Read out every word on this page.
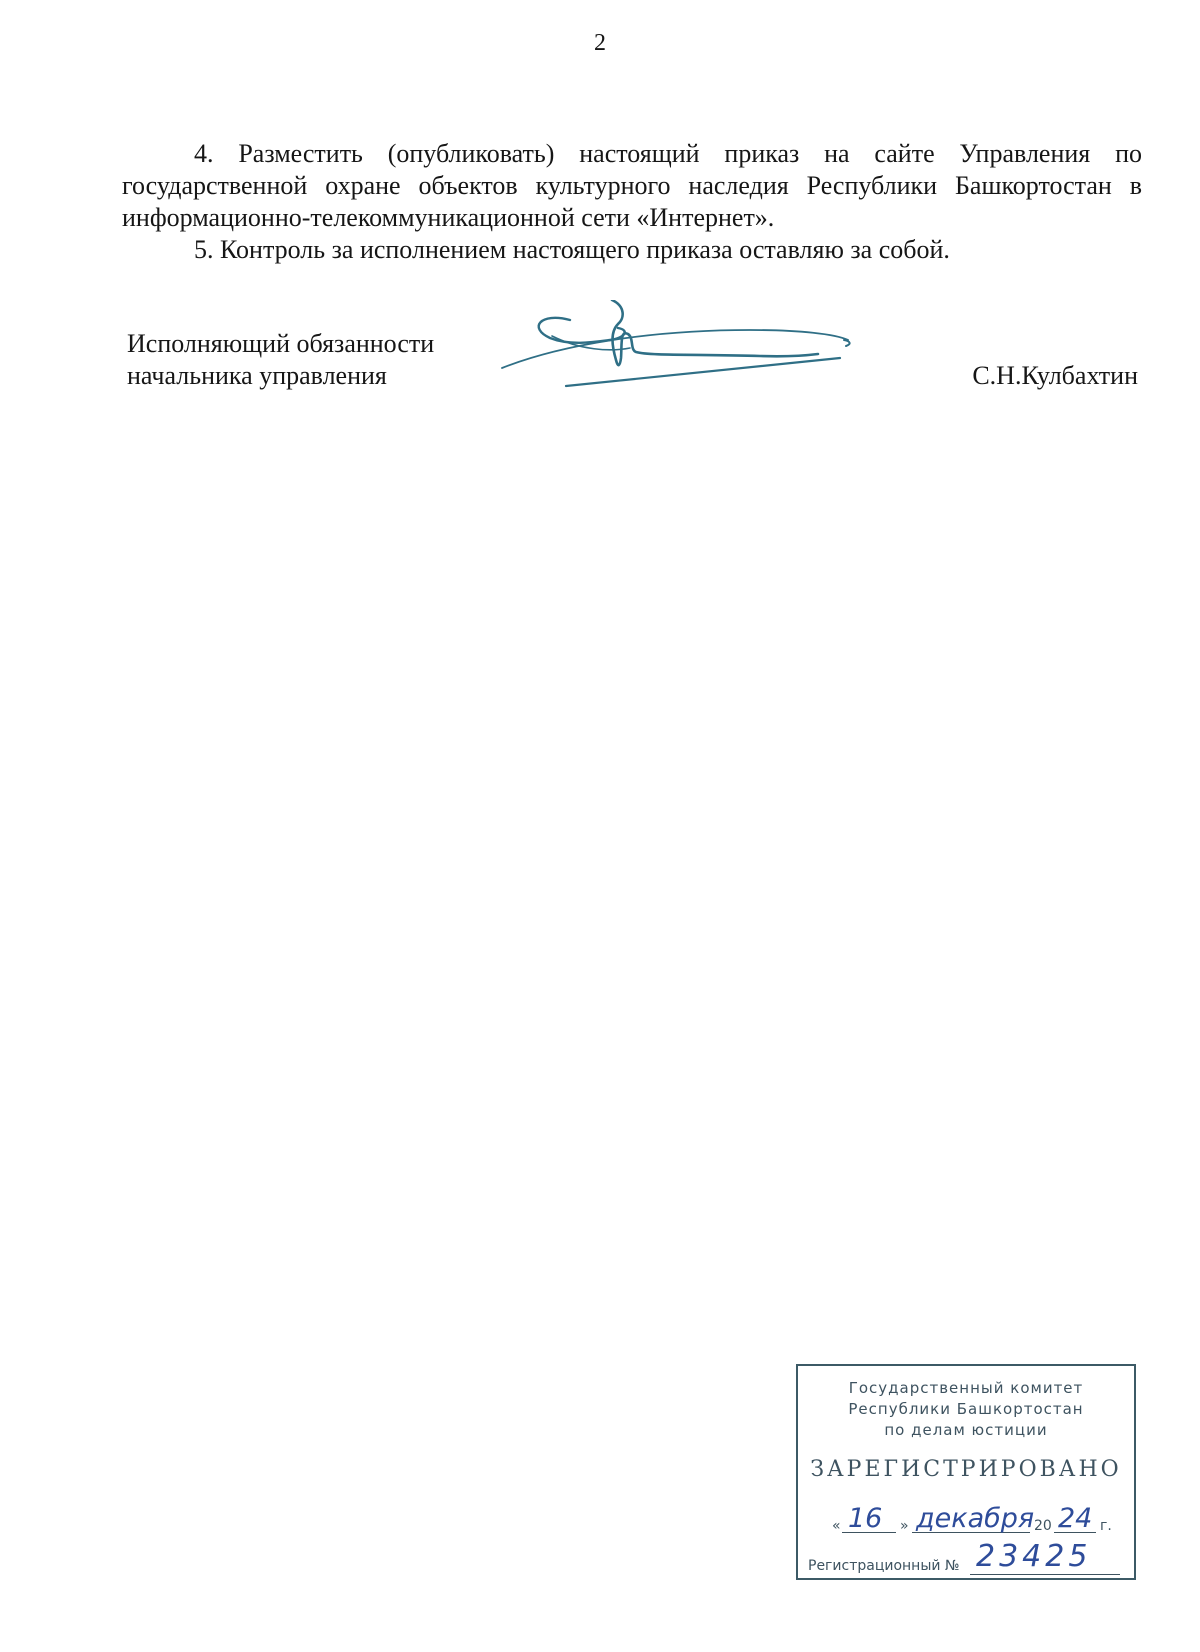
2

4. Разместить (опубликовать) настоящий приказ на сайте Управления по государственной охране объектов культурного наследия Республики Башкортостан в информационно-телекоммуникационной сети «Интернет».

5. Контроль за исполнением настоящего приказа оставляю за собой.

Исполняющий обязанности
начальника управления	С.Н.Кулбахтин
Государственный комитет
Республики Башкортостан
по делам юстиции
ЗАРЕГИСТРИРОВАНО
« 16 » декабря 20 24 г.
Регистрационный № 23425
